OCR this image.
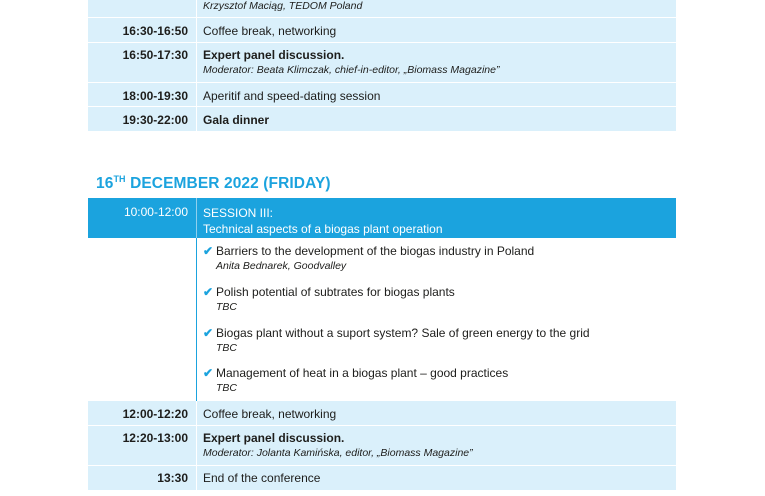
Krzysztof Maciąg, TEDOM Poland
16:30-16:50 Coffee break, networking
16:50-17:30 Expert panel discussion.
Moderator: Beata Klimczak, chief-in-editor, „Biomass Magazine”
18:00-19:30 Aperitif and speed-dating session
19:30-22:00 Gala dinner
16TH DECEMBER 2022 (FRIDAY)
10:00-12:00 SESSION III:
Technical aspects of a biogas plant operation
✔ Barriers to the development of the biogas industry in Poland
Anita Bednarek, Goodvalley
✔ Polish potential of subtrates for biogas plants
TBC
✔ Biogas plant without a suport system? Sale of green energy to the grid
TBC
✔ Management of heat in a biogas plant – good practices
TBC
12:00-12:20 Coffee break, networking
12:20-13:00 Expert panel discussion.
Moderator: Jolanta Kamińska, editor, „Biomass Magazine”
13:30 End of the conference
